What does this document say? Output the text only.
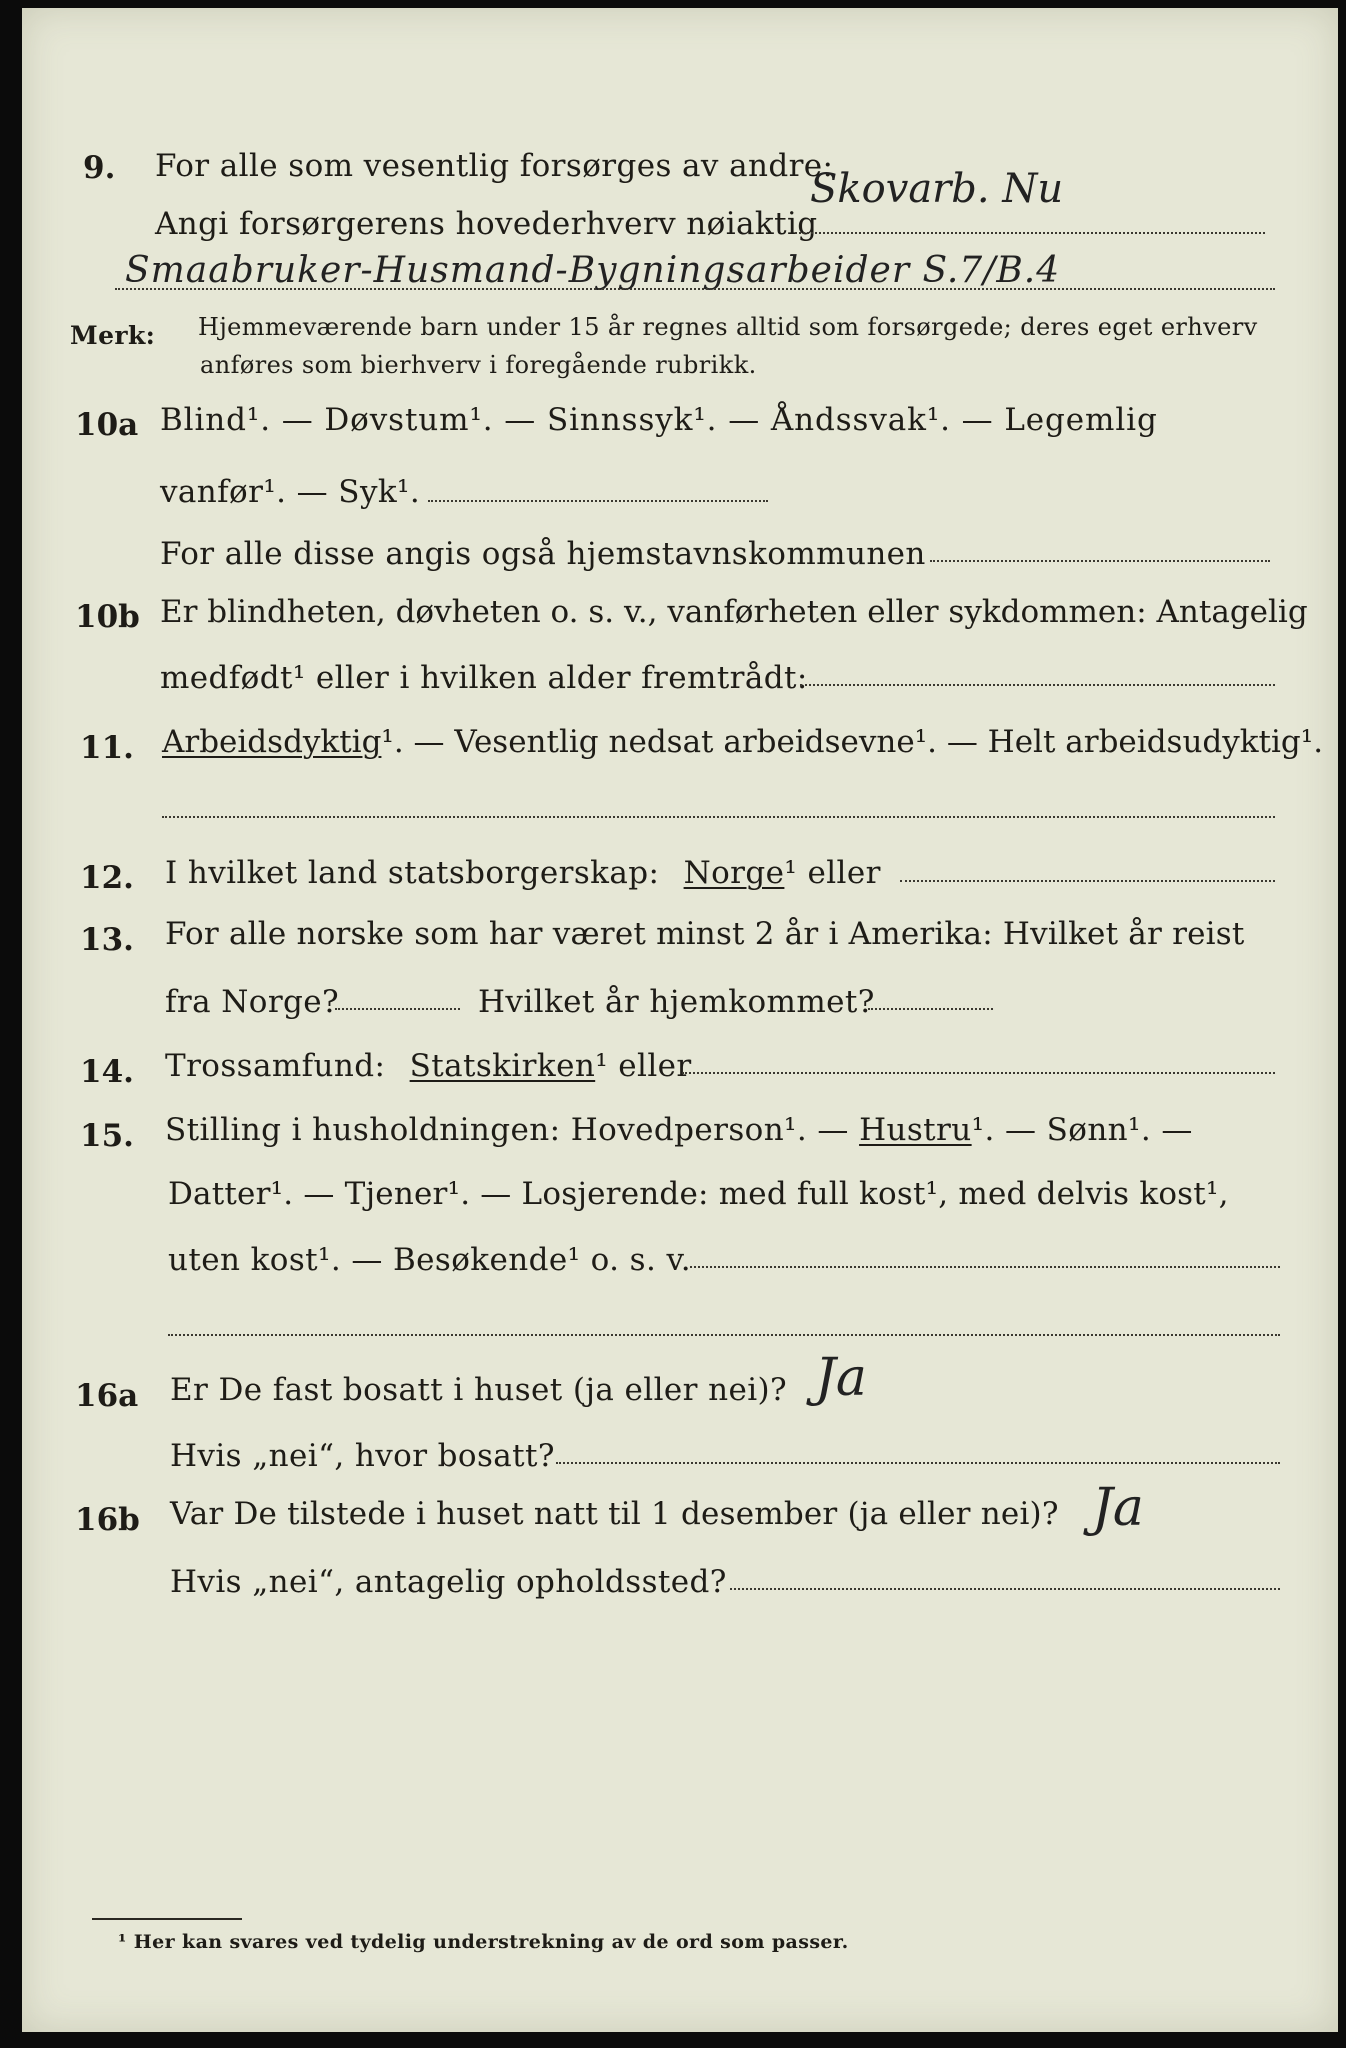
9. For alle som vesentlig forsørges av andre:
Angi forsørgerens hovederhverv nøiaktig
Skovarb. Nu
Smaabruker-Husmand-Bygningsarbeider S.7/B.4
Merk: Hjemmeværende barn under 15 år regnes alltid som forsørgede; deres eget erhverv
anføres som bierhverv i foregående rubrikk.
10a Blind¹. — Døvstum¹. — Sinnssyk¹. — Åndssvak¹. — Legemlig
vanfør¹. — Syk¹.
For alle disse angis også hjemstavnskommunen
10b Er blindheten, døvheten o. s. v., vanførheten eller sykdommen: Antagelig
medfødt¹ eller i hvilken alder fremtrådt:
11. Arbeidsdyktig¹. — Vesentlig nedsat arbeidsevne¹. — Helt arbeidsudyktig¹.
12. I hvilket land statsborgerskap: Norge¹ eller
13. For alle norske som har været minst 2 år i Amerika: Hvilket år reist
fra Norge?	Hvilket år hjemkommet?
14. Trossamfund: Statskirken¹ eller
15. Stilling i husholdningen: Hovedperson¹. — Hustru¹. — Sønn¹. —
Datter¹. — Tjener¹. — Losjerende: med full kost¹, med delvis kost¹,
uten kost¹. — Besøkende¹ o. s. v.
16a Er De fast bosatt i huset (ja eller nei)? Ja
Hvis „nei“, hvor bosatt?
16b Var De tilstede i huset natt til 1 desember (ja eller nei)? Ja
Hvis „nei“, antagelig opholdssted?
¹ Her kan svares ved tydelig understrekning av de ord som passer.
